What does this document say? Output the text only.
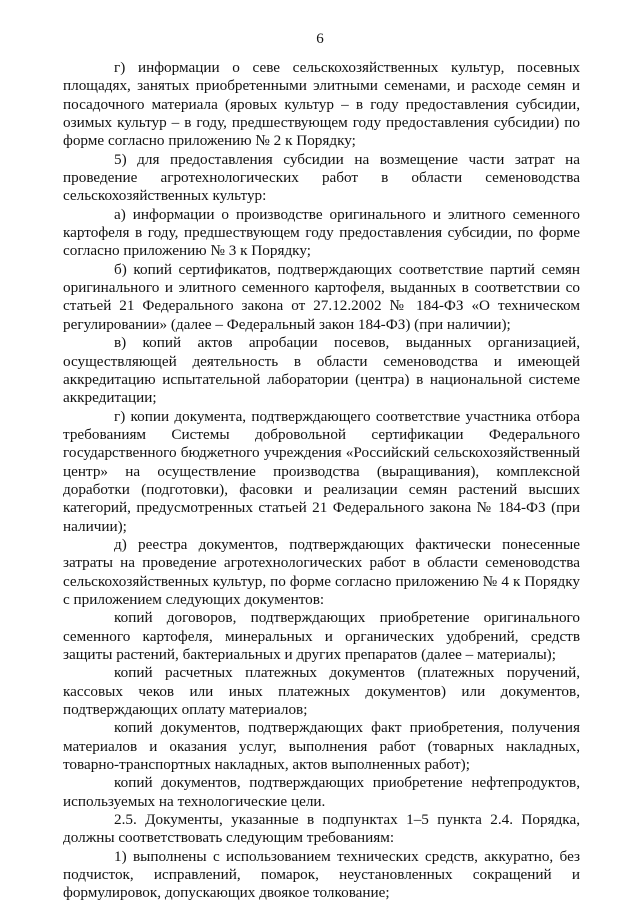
6

г) информации о севе сельскохозяйственных культур, посевных площадях, занятых приобретенными элитными семенами, и расходе семян и посадочного материала (яровых культур – в году предоставления субсидии, озимых культур – в году, предшествующем году предоставления субсидии) по форме согласно приложению № 2 к Порядку;

5) для предоставления субсидии на возмещение части затрат на проведение агротехнологических работ в области семеноводства сельскохозяйственных культур:

а) информации о производстве оригинального и элитного семенного картофеля в году, предшествующем году предоставления субсидии, по форме согласно приложению № 3 к Порядку;

б) копий сертификатов, подтверждающих соответствие партий семян оригинального и элитного семенного картофеля, выданных в соответствии со статьей 21 Федерального закона от 27.12.2002 № 184-ФЗ «О техническом регулировании» (далее – Федеральный закон 184-ФЗ) (при наличии);

в) копий актов апробации посевов, выданных организацией, осуществляющей деятельность в области семеноводства и имеющей аккредитацию испытательной лаборатории (центра) в национальной системе аккредитации;

г) копии документа, подтверждающего соответствие участника отбора требованиям Системы добровольной сертификации Федерального государственного бюджетного учреждения «Российский сельскохозяйственный центр» на осуществление производства (выращивания), комплексной доработки (подготовки), фасовки и реализации семян растений высших категорий, предусмотренных статьей 21 Федерального закона № 184-ФЗ (при наличии);

д) реестра документов, подтверждающих фактически понесенные затраты на проведение агротехнологических работ в области семеноводства сельскохозяйственных культур, по форме согласно приложению № 4 к Порядку с приложением следующих документов:

копий договоров, подтверждающих приобретение оригинального семенного картофеля, минеральных и органических удобрений, средств защиты растений, бактериальных и других препаратов (далее – материалы);

копий расчетных платежных документов (платежных поручений, кассовых чеков или иных платежных документов) или документов, подтверждающих оплату материалов;

копий документов, подтверждающих факт приобретения, получения материалов и оказания услуг, выполнения работ (товарных накладных, товарно-транспортных накладных, актов выполненных работ);

копий документов, подтверждающих приобретение нефтепродуктов, используемых на технологические цели.

2.5. Документы, указанные в подпунктах 1–5 пункта 2.4. Порядка, должны соответствовать следующим требованиям:

1) выполнены с использованием технических средств, аккуратно, без подчисток, исправлений, помарок, неустановленных сокращений и формулировок, допускающих двоякое толкование;
